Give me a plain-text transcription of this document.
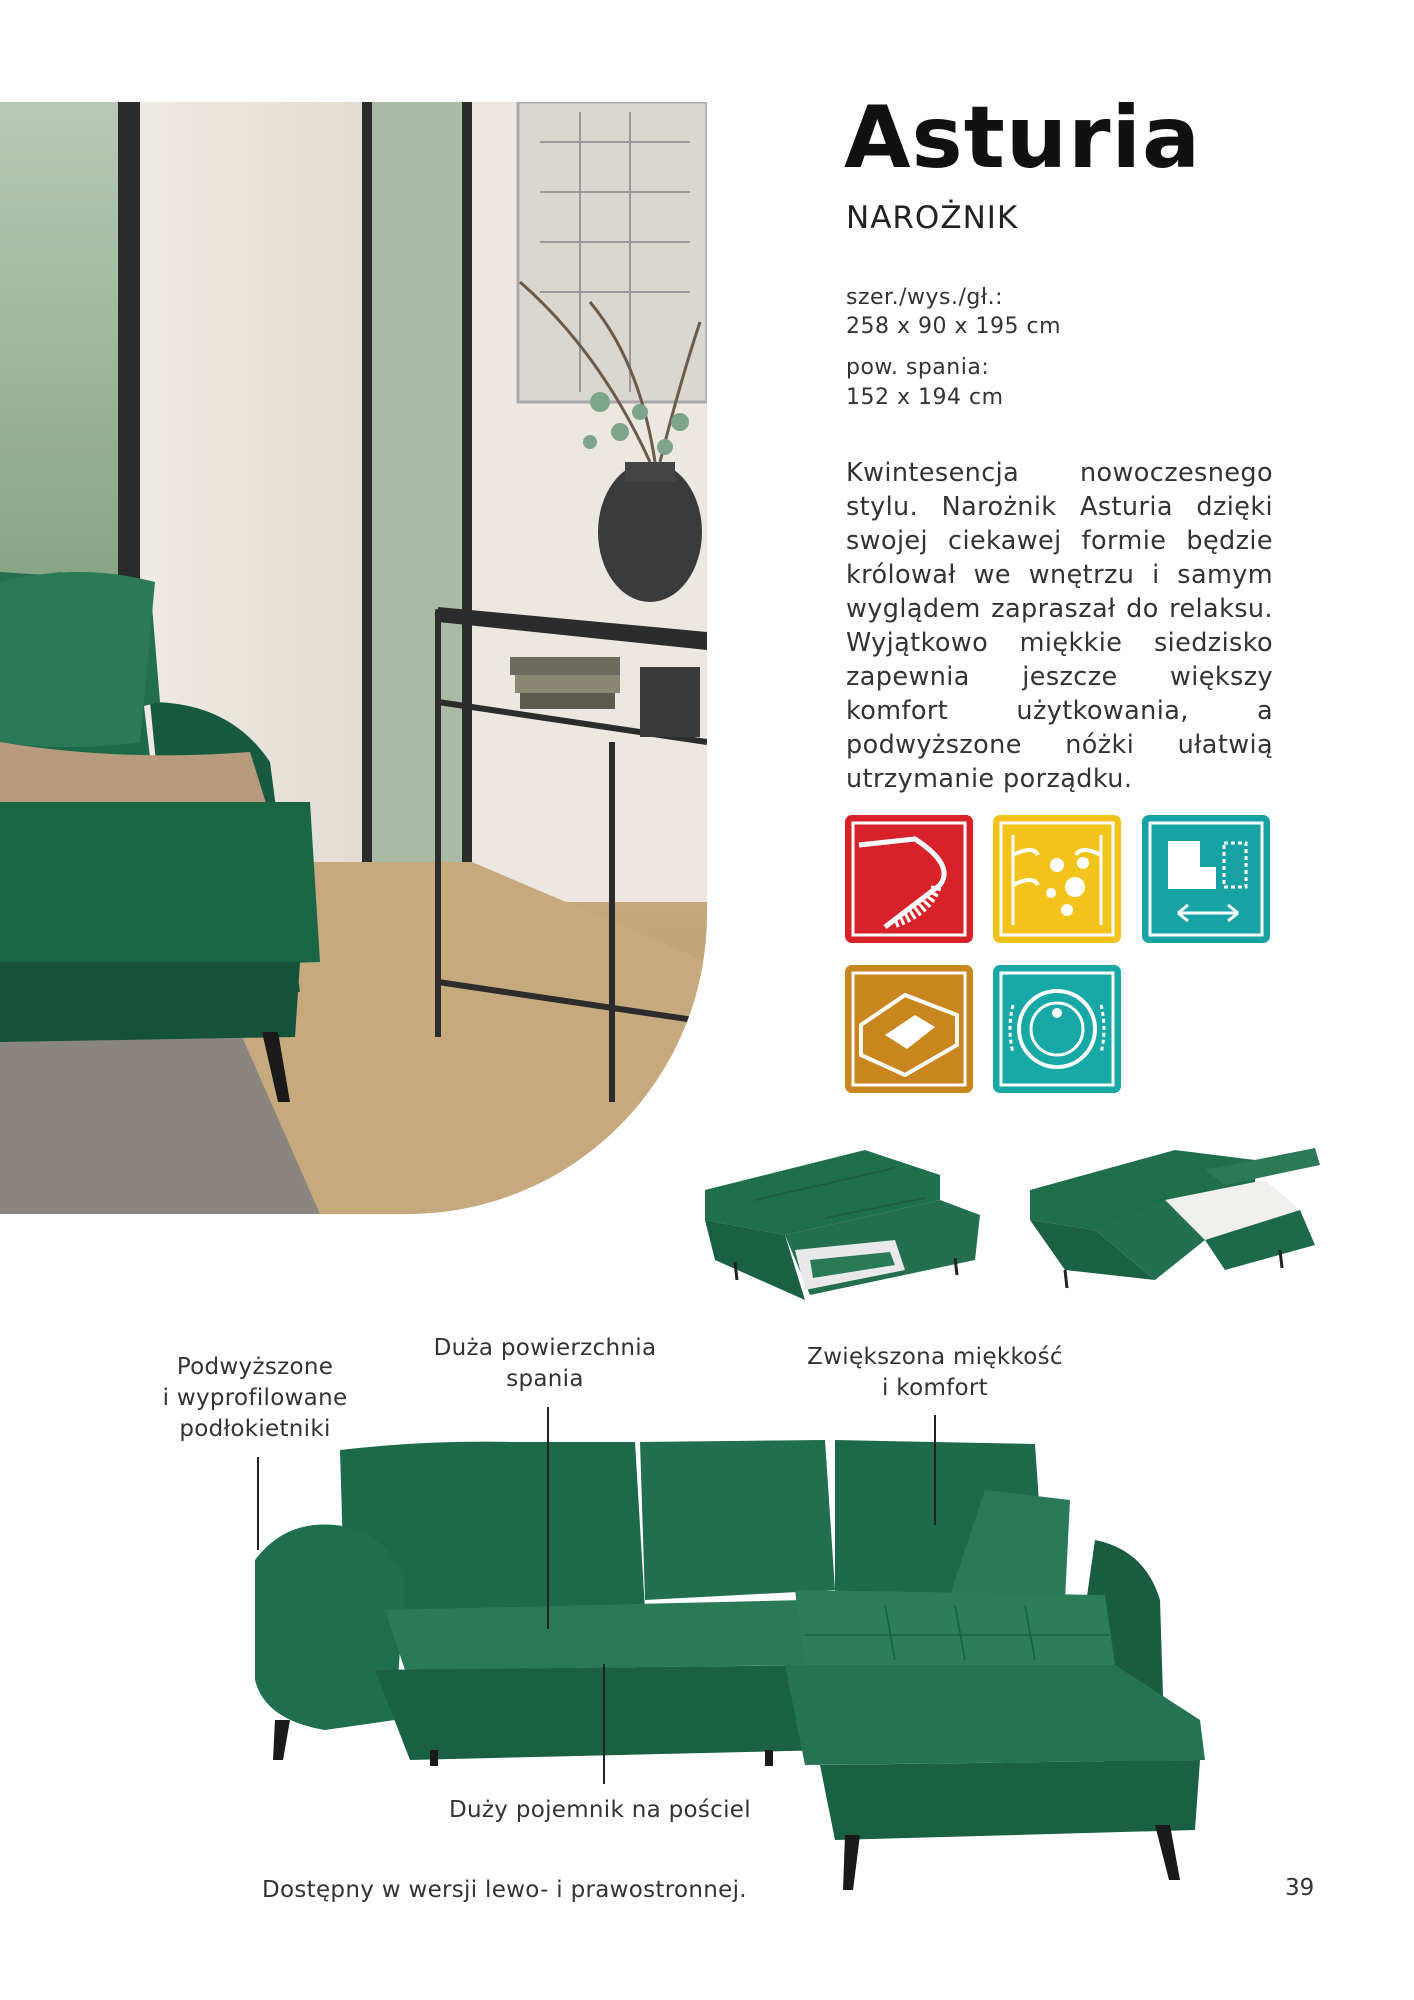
Asturia
NAROŻNIK
szer./wys./gł.:
258 x 90 x 195 cm
pow. spania:
152 x 194 cm
Kwintesencja nowoczesnego stylu. Narożnik Asturia dzięki swojej ciekawej formie będzie królował we wnętrzu i samym wyglądem zapraszał do relaksu. Wyjątkowo miękkie siedzisko zapewnia jeszcze większy komfort użytkowania, a podwyższone nóżki ułatwią utrzymanie porządku.
Podwyższone
i wyprofilowane
podłokietniki
Duża powierzchnia
spania
Zwiększona miękkość
i komfort
Duży pojemnik na pościel
Dostępny w wersji lewo- i prawostronnej.	39
